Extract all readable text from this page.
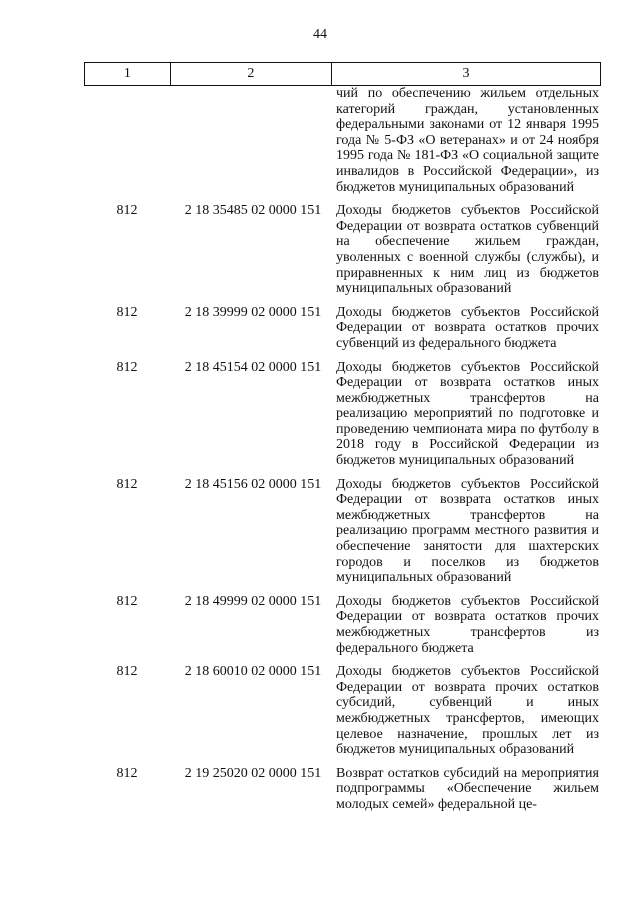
44
1	2	3
чий по обеспечению жильем отдельных категорий граждан, установленных федеральными законами от 12 января 1995 года № 5-ФЗ «О ветеранах» и от 24 ноября 1995 года № 181-ФЗ «О социальной защите инвалидов в Российской Федерации», из бюджетов муниципальных образований
812	2 18 35485 02 0000 151	Доходы бюджетов субъектов Российской Федерации от возврата остатков субвенций на обеспечение жильем граждан, уволенных с военной службы (службы), и приравненных к ним лиц из бюджетов муниципальных образований
812	2 18 39999 02 0000 151	Доходы бюджетов субъектов Российской Федерации от возврата остатков прочих субвенций из федерального бюджета
812	2 18 45154 02 0000 151	Доходы бюджетов субъектов Российской Федерации от возврата остатков иных межбюджетных трансфертов на реализацию мероприятий по подготовке и проведению чемпионата мира по футболу в 2018 году в Российской Федерации из бюджетов муниципальных образований
812	2 18 45156 02 0000 151	Доходы бюджетов субъектов Российской Федерации от возврата остатков иных межбюджетных трансфертов на реализацию программ местного развития и обеспечение занятости для шахтерских городов и поселков из бюджетов муниципальных образований
812	2 18 49999 02 0000 151	Доходы бюджетов субъектов Российской Федерации от возврата остатков прочих межбюджетных трансфертов из федерального бюджета
812	2 18 60010 02 0000 151	Доходы бюджетов субъектов Российской Федерации от возврата прочих остатков субсидий, субвенций и иных межбюджетных трансфертов, имеющих целевое назначение, прошлых лет из бюджетов муниципальных образований
812	2 19 25020 02 0000 151	Возврат остатков субсидий на мероприятия подпрограммы «Обеспечение жильем молодых семей» федеральной це-
